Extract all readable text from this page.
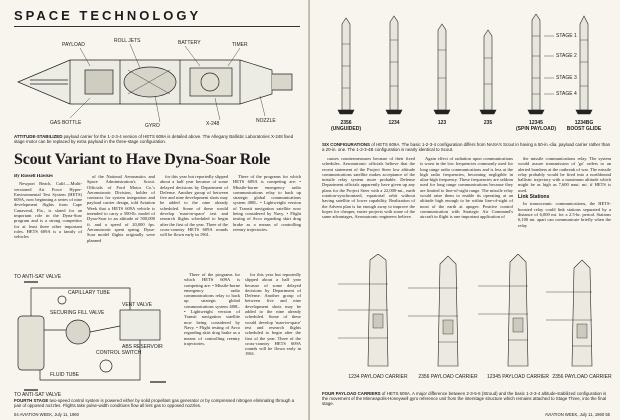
SPACE TECHNOLOGY
PAYLOAD
ROLL JETS	BATTERY	TIMER
GAS BOTTLE	GYRO	X-248	NOZZLE
ATTITUDE-STABILIZED payload carrier for the 1-2-3-4 version of HETS 609A is detailed above. The Allegany Ballistic Laboratories X-248 fixed stage motor can be replaced by extra payload in the three-stage configuration.
Scout Variant to Have Dyna-Soar Role
By Russell Hawkes

Newport Beach, Calif.—Multi-versioned Air Force Hyper-Environmental Test System (HETS) 609A, now beginning a series of nine development flights from Cape Canaveral, Fla., is slated for an important role in the Dyna-Soar program and is a strong competitor for at least three other important roles. HETS 609A is a family of vehicles

of the National Aeronautics and Space Administration's Scout. Officials of Ford Motor Co.'s Aeronutronic Division, holder of contracts for system integration and payload carrier design, told Aviation Week that a HETS 609A vehicle is intended to carry a 500-lb. model of Dyna-Soar to an altitude of 500,000 ft. and a speed of 20,000 fps. Aeronutronic spent spring. Dyna-Soar model flights originally were planned

for this year but reportedly slipped about a half year because of some delayed decisions by Department of Defense. Another group of between five and nine development shots may be added to the nine already scheduled. Some of these would develop 'man-in-space' test and research flights scheduled to begin after the first of the year. Three of the cross-country HETS 609A rounds will be flown early in 1961.

There of the programs for which HETS 609A is competing are: • Missile-borne emergency radio communications relay to back up strategic global communications system 480L. • Lightweight version of Transit navigation satellite now being considered by Navy. • Flight testing of Avco regarding skirt drag brake as a means of controlling reentry trajectories.

TO ANTI-SAT VALVE
CAPILLARY TUBE
SECURING FILL VALVE
VENT VALVE
CONTROL SWITCH
ABS RESERVOIR
FLUID TUBE
TO ANTI-SAT VALVE
FOURTH STAGE two-speed control system is powered either by solid propellant gas generator or by compressed nitrogen eliminating through a pair of opposed nozzles. Flights take pulse-width conditions flow all lent gas to opposed nozzles.

There of the programs for which HETS 609A is competing are: • Missile-borne emergency radio communications relay to back up strategic global communications system 480L. • Lightweight version of Transit navigation satellite now being considered by Navy. • Flight testing of Avco regarding skirt drag brake as a means of controlling reentry trajectories.

for this year but reportedly slipped about a half year because of some delayed decisions by Department of Defense. Another group of between five and nine development shots may be added to the nine already scheduled. Some of these would develop 'man-in-space' test and research flights scheduled to begin after the first of the year. Three of the cross-country HETS 609A rounds will be flown early in 1961.

54 AVIATION WEEK, July 11, 1960
STAGE 1
STAGE 2
STAGE 3
STAGE 4
2356 (UNGUIDED)
1234	123	235	12345 (SPIN PAYLOAD)
1234BG BOOST GLIDE
SIX CONFIGURATIONS of HETS 609A. The basic 1-2-3-4 configuration differs from NASA's Scout in having a 50-in.-dia. payload carrier rather than a 20-in. one. The 1-2-3-4B configuration is nearly identical to Scout.

causes countermeasures because of their fixed schedules. Aeronutronic officials believe that the recent statement of the Project Steer low altitude communications satellite makes acceptance of the missile relay system more probable. Defense Department officials apparently have given up any plans for the Project Steer with a 22,000-mi., earth rotation-synchronized, equatorial orbit without having satellite of lower capability. Realization of the Advent plan is far enough away to improve the hopes for cheaper, easier projects with some of the same advantages, Aeronutronic engineers believe.

Again effect of radiation upon communications is worst in the low frequencies commonly used for long range radio communications and is less at the high radio frequencies, becoming negligible in ultra-high frequency. These frequencies are seldom used for long range communications because they are limited to line-of-sight range. The missile relay would raise them to enable its operating at an altitude high enough to be within line-of-sight of most of the earth at apogee. Positive control communication with Strategic Air Command's aircraft in flight is one important application of

the missile communications relay. The system would assure transmission of 'go' orders to an alerted bombers at the outbreak of war. The missile relay probably would be fired into a northbound ballistic trajectory with a maximum altitude which might be as high as 7,600 naut. mi. if HETS is used.

Link Stations

In transoceanic communications, the HETS-boosted relay could link stations separated by a distance of 6,000 mi. for a 2.5-hr. period. Stations 6,100 mi. apart can communicate briefly when the relay

1234 PAYLOAD CARRIER 2356 PAYLOAD CARRIER 12345 PAYLOAD CARRIER 2356 PAYLOAD CARRIER
FOUR PAYLOAD CARRIERS of HETS 609A. A major difference between 2-3-5-6 (Stroud) and the basic 1-2-3-4 altitude-stabilized configuration is the movement of the Minneapolis-Honeywell gyro reference unit from the interstage structure which remains attached to Stage Three, into the final stage.
AVIATION WEEK, July 11, 1960 55
